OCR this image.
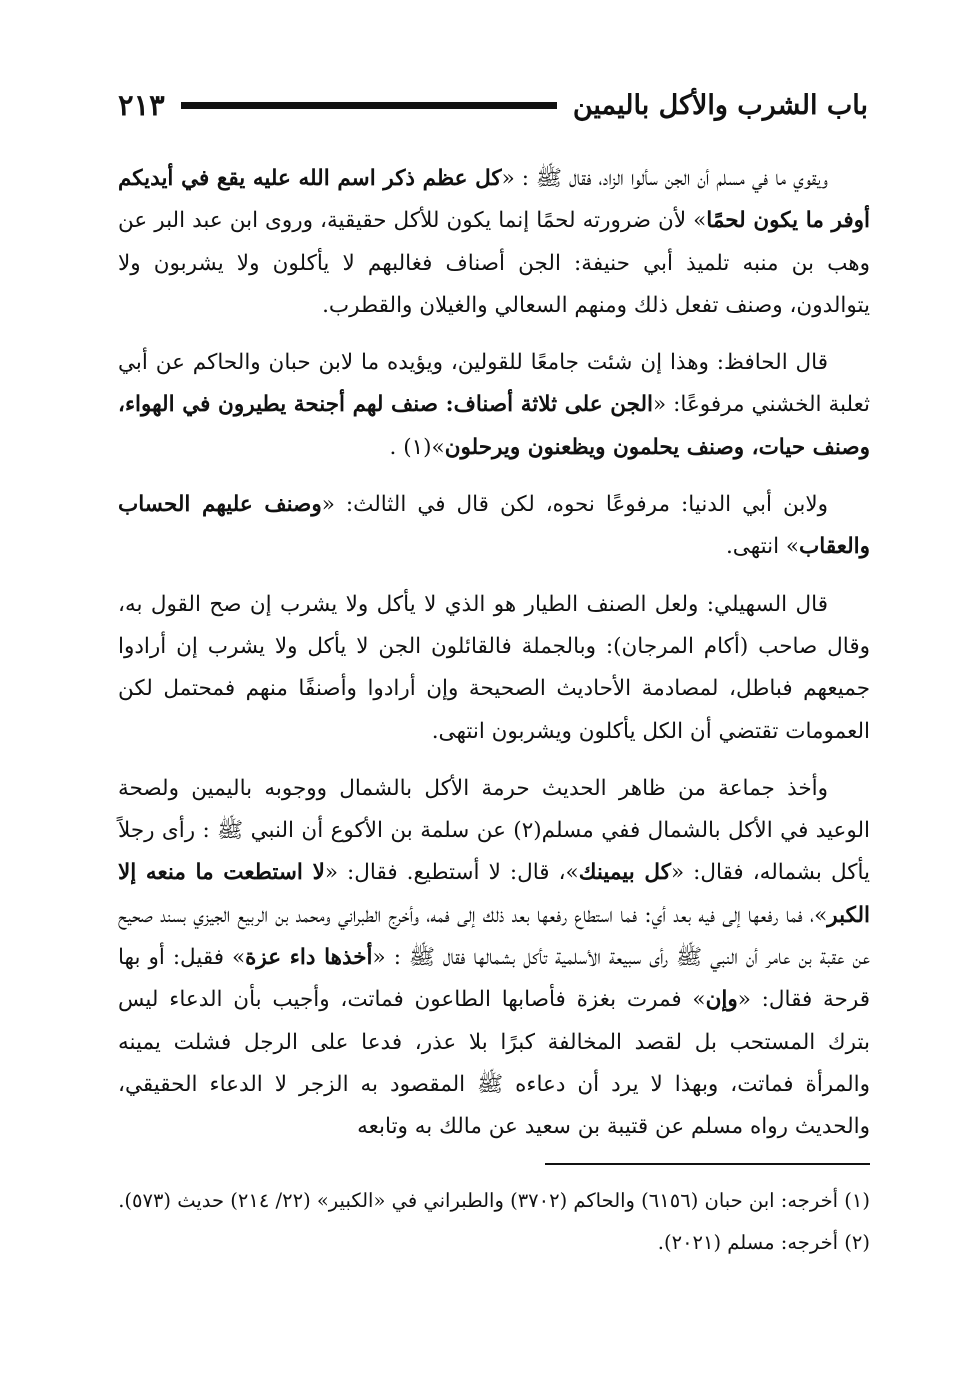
باب الشرب والأكل باليمين
٢١٣

ويقوي ما في مسلم أن الجن سألوا الزاد، فقال ﷺ : «كل عظم ذكر اسم الله عليه يقع في أيديكم أوفر ما يكون لحمًا» لأن ضرورته لحمًا إنما يكون للأكل حقيقية، وروى ابن عبد البر عن وهب بن منبه تلميذ أبي حنيفة: الجن أصناف فغالبهم لا يأكلون ولا يشربون ولا يتوالدون، وصنف تفعل ذلك ومنهم السعالي والغيلان والقطرب.

قال الحافظ: وهذا إن شئت جامعًا للقولين، ويؤيده ما لابن حبان والحاكم عن أبي ثعلبة الخشني مرفوعًا: «الجن على ثلاثة أصناف: صنف لهم أجنحة يطيرون في الهواء، وصنف حيات، وصنف يحلمون ويظعنون ويرحلون»(١) .

ولابن أبي الدنيا: مرفوعًا نحوه، لكن قال في الثالث: «وصنف عليهم الحساب والعقاب» انتهى.

قال السهيلي: ولعل الصنف الطيار هو الذي لا يأكل ولا يشرب إن صح القول به، وقال صاحب (أكام المرجان): وبالجملة فالقائلون الجن لا يأكل ولا يشرب إن أرادوا جميعهم فباطل، لمصادمة الأحاديث الصحيحة وإن أرادوا وأصنفًا منهم فمحتمل لكن العمومات تقتضي أن الكل يأكلون ويشربون انتهى.

وأخذ جماعة من ظاهر الحديث حرمة الأكل بالشمال ووجوبه باليمين ولصحة الوعيد في الأكل بالشمال ففي مسلم(٢) عن سلمة بن الأكوع أن النبي ﷺ : رأى رجلاً يأكل بشماله، فقال: «كل بيمينك»، قال: لا أستطيع. فقال: «لا استطعت ما منعه إلا الكبر»، فما رفعها إلى فيه بعد أي: فما استطاع رفعها بعد ذلك إلى فمه، وأخرج الطبراني ومحمد بن الربيع الجيزي بسند صحيح عن عقبة بن عامر أن النبي ﷺ رأى سبيعة الأسلمية تأكل بشمالها فقال ﷺ : «أخذها داء عزة» فقيل: أو بها قرحة فقال: «وإن» فمرت بغزة فأصابها الطاعون فماتت، وأجيب بأن الدعاء ليس بترك المستحب بل لقصد المخالفة كبرًا بلا عذر، فدعا على الرجل فشلت يمينه والمرأة فماتت، وبهذا لا يرد أن دعاءه ﷺ المقصود به الزجر لا الدعاء الحقيقي، والحديث رواه مسلم عن قتيبة بن سعيد عن مالك به وتابعه

(١) أخرجه: ابن حبان (٦١٥٦) والحاكم (٣٧٠٢) والطبراني في «الكبير» (٢٢/ ٢١٤) حديث (٥٧٣).

(٢) أخرجه: مسلم (٢٠٢١).
